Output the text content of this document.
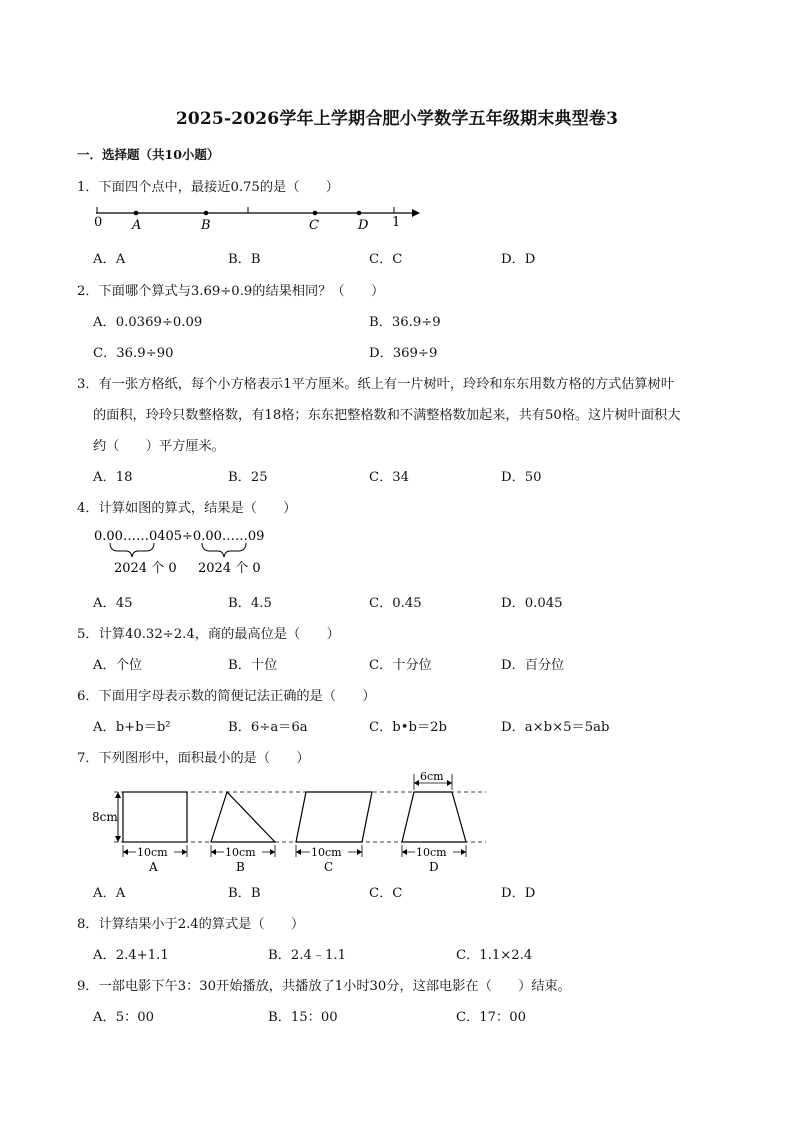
2025-2026学年上学期合肥小学数学五年级期末典型卷3
一．选择题（共10小题）
1．下面四个点中，最接近0.75的是（　　）
0	1
A	B	C	D
A．A	B．B	C．C	D．D
2．下面哪个算式与3.69÷0.9的结果相同？（　　）
A．0.0369÷0.09	B．36.9÷9
C．36.9÷90	D．369÷9
3．有一张方格纸，每个小方格表示1平方厘米。纸上有一片树叶，玲玲和东东用数方格的方式估算树叶
的面积，玲玲只数整格数，有18格；东东把整格数和不满整格数加起来，共有50格。这片树叶面积大
约（　　）平方厘米。
A．18	B．25	C．34	D．50
4．计算如图的算式，结果是（　　）
0.00……0405÷0.00……09
2024 个 0 2024 个 0
A．45	B．4.5	C．0.45	D．0.045
5．计算40.32÷2.4，商的最高位是（　　）
A．个位	B．十位	C．十分位	D．百分位
6．下面用字母表示数的简便记法正确的是（　　）
A．b+b＝b²	B．6÷a＝6a	C．b•b＝2b	D．a×b×5＝5ab
7．下列图形中，面积最小的是（　　）
8cm
6cm
10cm	10cm	10cm	10cm
A	B	C	D
A．A	B．B	C．C	D．D
8．计算结果小于2.4的算式是（　　）
A．2.4+1.1	B．2.4﹣1.1	C．1.1×2.4
9．一部电影下午3：30开始播放，共播放了1小时30分，这部电影在（　　）结束。
A．5：00	B．15：00	C．17：00
